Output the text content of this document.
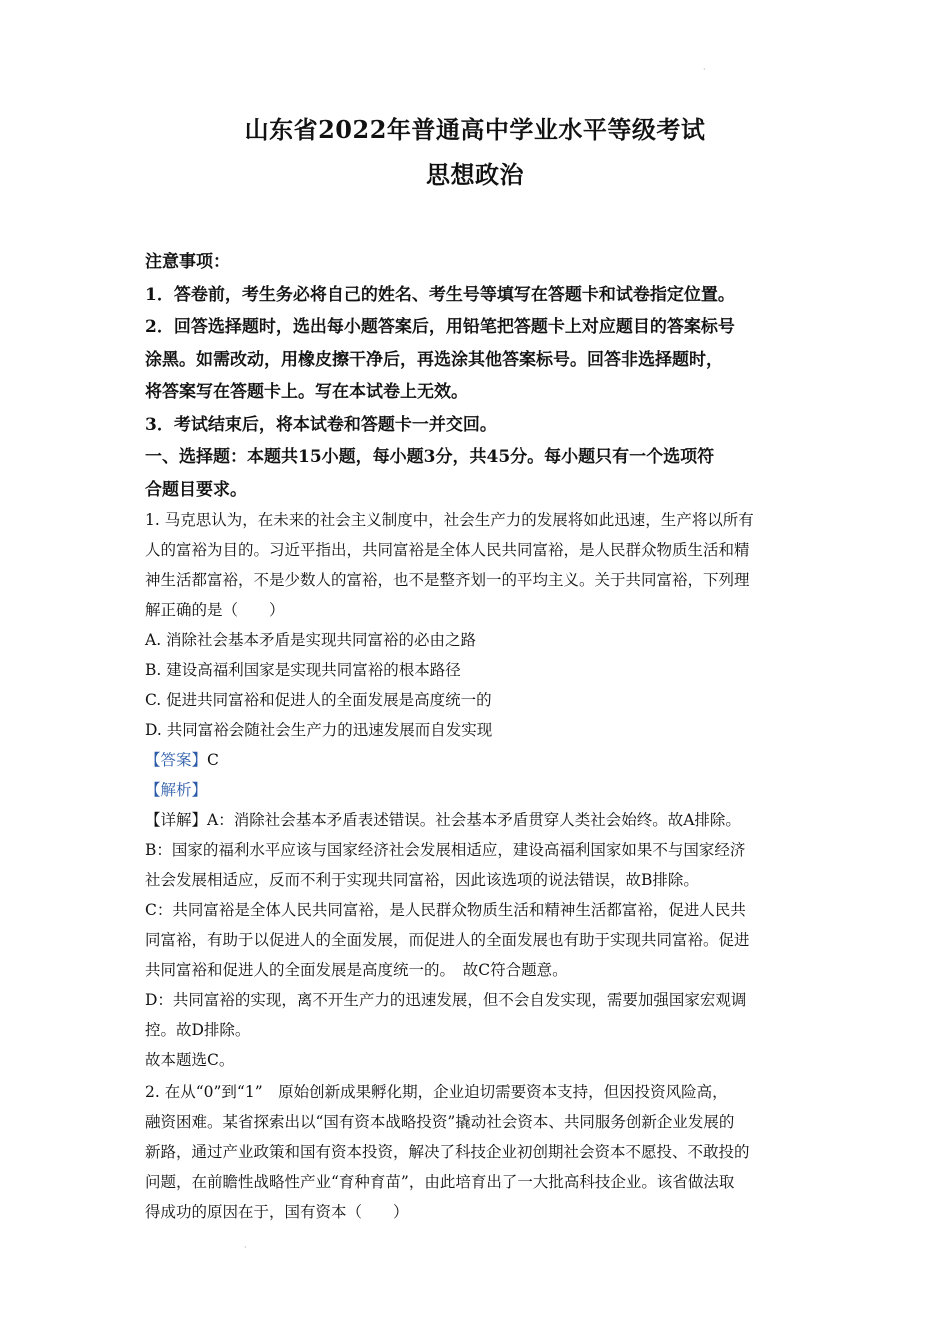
·
山东省2022年普通高中学业水平等级考试
思想政治

注意事项：

1．答卷前，考生务必将自己的姓名、考生号等填写在答题卡和试卷指定位置。

2．回答选择题时，选出每小题答案后，用铅笔把答题卡上对应题目的答案标号

涂黑。如需改动，用橡皮擦干净后，再选涂其他答案标号。回答非选择题时，

将答案写在答题卡上。写在本试卷上无效。

3．考试结束后，将本试卷和答题卡一并交回。

一、选择题：本题共15小题，每小题3分，共45分。每小题只有一个选项符

合题目要求。

1. 马克思认为，在未来的社会主义制度中，社会生产力的发展将如此迅速，生产将以所有

人的富裕为目的。习近平指出，共同富裕是全体人民共同富裕，是人民群众物质生活和精

神生活都富裕，不是少数人的富裕，也不是整齐划一的平均主义。关于共同富裕，下列理

解正确的是（　　）

A. 消除社会基本矛盾是实现共同富裕的必由之路

B. 建设高福利国家是实现共同富裕的根本路径

C. 促进共同富裕和促进人的全面发展是高度统一的

D. 共同富裕会随社会生产力的迅速发展而自发实现

【答案】C

【解析】

【详解】A：消除社会基本矛盾表述错误。社会基本矛盾贯穿人类社会始终。故A排除。

B：国家的福利水平应该与国家经济社会发展相适应，建设高福利国家如果不与国家经济

社会发展相适应，反而不利于实现共同富裕，因此该选项的说法错误，故B排除。

C：共同富裕是全体人民共同富裕，是人民群众物质生活和精神生活都富裕，促进人民共

同富裕，有助于以促进人的全面发展，而促进人的全面发展也有助于实现共同富裕。促进

共同富裕和促进人的全面发展是高度统一的。　故C符合题意。

D：共同富裕的实现，离不开生产力的迅速发展，但不会自发实现，需要加强国家宏观调

控。故D排除。

故本题选C。

2. 在从“0”到“1”　原始创新成果孵化期，企业迫切需要资本支持，但因投资风险高，

融资困难。某省探索出以“国有资本战略投资”撬动社会资本、共同服务创新企业发展的

新路，通过产业政策和国有资本投资，解决了科技企业初创期社会资本不愿投、不敢投的

问题，在前瞻性战略性产业“育种育苗”，由此培育出了一大批高科技企业。该省做法取

得成功的原因在于，国有资本（　　）

·
